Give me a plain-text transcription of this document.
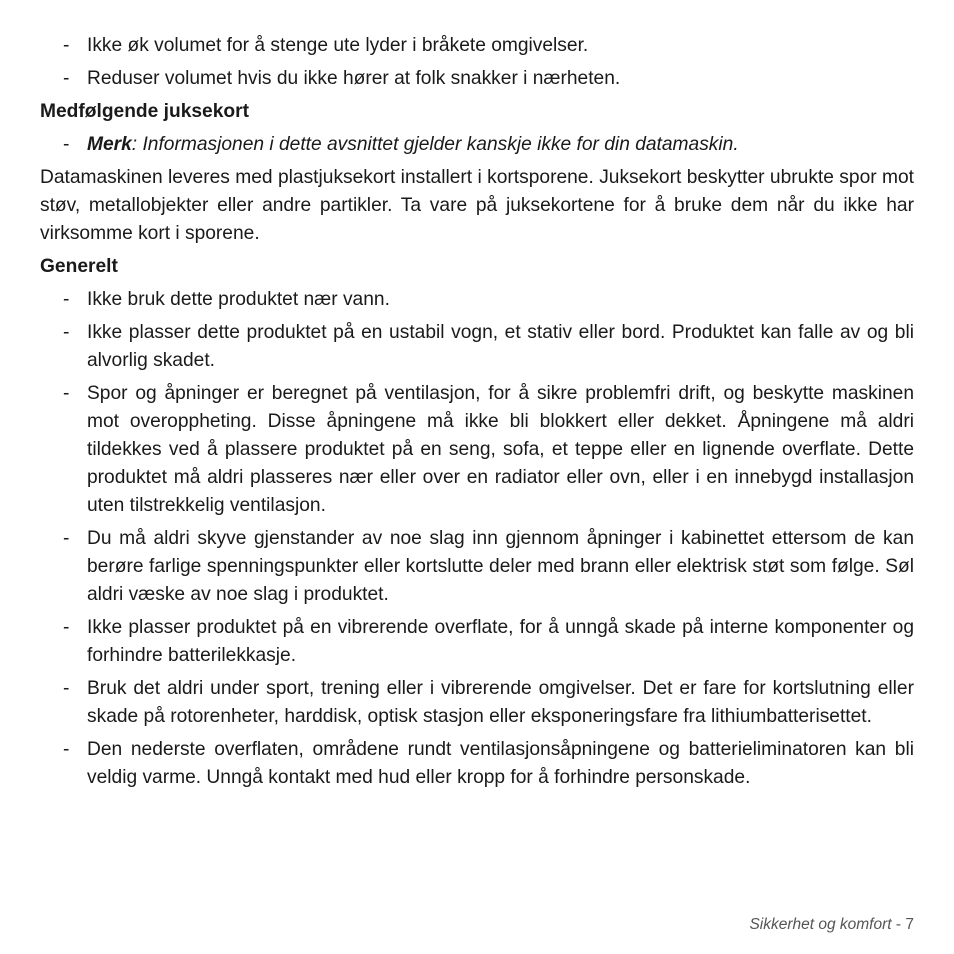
- Ikke øk volumet for å stenge ute lyder i bråkete omgivelser.
- Reduser volumet hvis du ikke hører at folk snakker i nærheten.
Medfølgende juksekort
- Merk: Informasjonen i dette avsnittet gjelder kanskje ikke for din datamaskin.
Datamaskinen leveres med plastjuksekort installert i kortsporene. Juksekort beskytter ubrukte spor mot støv, metallobjekter eller andre partikler. Ta vare på juksekortene for å bruke dem når du ikke har virksomme kort i sporene.
Generelt
- Ikke bruk dette produktet nær vann.
- Ikke plasser dette produktet på en ustabil vogn, et stativ eller bord. Produktet kan falle av og bli alvorlig skadet.
- Spor og åpninger er beregnet på ventilasjon, for å sikre problemfri drift, og beskytte maskinen mot overoppheting. Disse åpningene må ikke bli blokkert eller dekket. Åpningene må aldri tildekkes ved å plassere produktet på en seng, sofa, et teppe eller en lignende overflate. Dette produktet må aldri plasseres nær eller over en radiator eller ovn, eller i en innebygd installasjon uten tilstrekkelig ventilasjon.
- Du må aldri skyve gjenstander av noe slag inn gjennom åpninger i kabinettet ettersom de kan berøre farlige spenningspunkter eller kortslutte deler med brann eller elektrisk støt som følge. Søl aldri væske av noe slag i produktet.
- Ikke plasser produktet på en vibrerende overflate, for å unngå skade på interne komponenter og forhindre batterilekkasje.
- Bruk det aldri under sport, trening eller i vibrerende omgivelser. Det er fare for kortslutning eller skade på rotorenheter, harddisk, optisk stasjon eller eksponeringsfare fra lithiumbatterisettet.
- Den nederste overflaten, områdene rundt ventilasjonsåpningene og batterieliminatoren kan bli veldig varme. Unngå kontakt med hud eller kropp for å forhindre personskade.
Sikkerhet og komfort - 7
